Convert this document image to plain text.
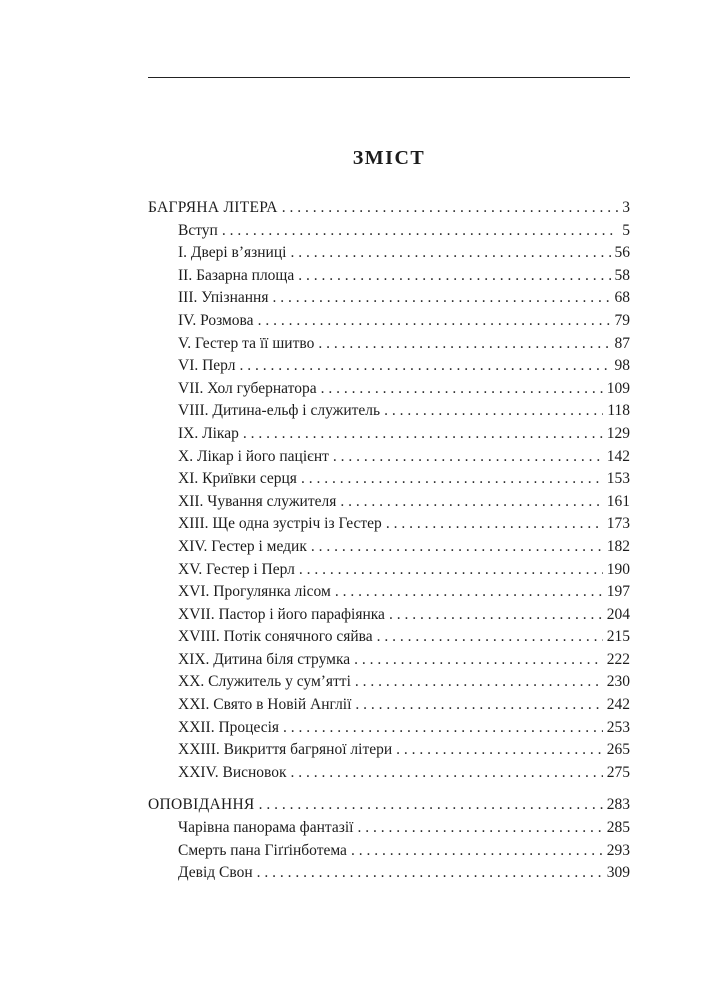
ЗМІСТ
БАГРЯНА ЛІТЕРА . . .	3
Вступ . . .	5
І. Двері в’язниці . . .	56
ІІ. Базарна площа . . .	58
ІІІ. Упізнання . . .	68
IV. Розмова . . .	79
V. Гестер та її шитво . . .	87
VІ. Перл . . .	98
VІІ. Хол губернатора . . .	109
VІІІ. Дитина-ельф і служитель . . .	118
ІX. Лікар . . .	129
X. Лікар і його пацієнт . . .	142
XІ. Криївки серця . . .	153
XІІ. Чування служителя . . .	161
XІІІ. Ще одна зустріч із Гестер . . .	173
XIV. Гестер і медик . . .	182
XV. Гестер і Перл . . .	190
XVІ. Прогулянка лісом . . .	197
XVІІ. Пастор і його парафіянка . . .	204
XVІІІ. Потік сонячного сяйва . . .	215
XІX. Дитина біля струмка . . .	222
XX. Служитель у сум’ятті . . .	230
XXІ. Свято в Новій Англії . . .	242
XXІІ. Процесія . . .	253
XXІІІ. Викриття багряної літери . . .	265
XXІV. Висновок . . .	275
ОПОВІДАННЯ . . .	283
Чарівна панорама фантазії . . .	285
Смерть пана Гіґґінботема . . .	293
Девід Свон . . .	309
